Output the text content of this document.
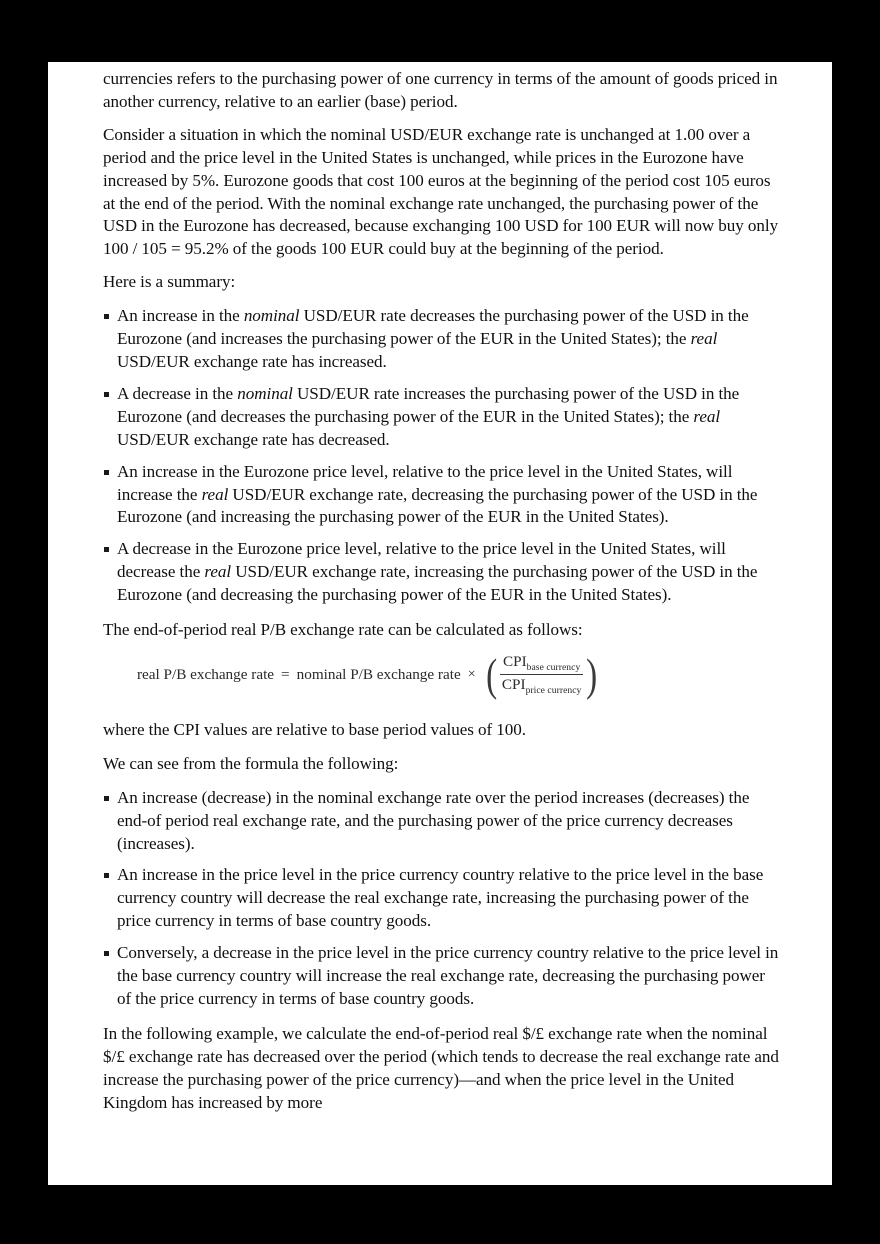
currencies refers to the purchasing power of one currency in terms of the amount of goods priced in another currency, relative to an earlier (base) period.

Consider a situation in which the nominal USD/EUR exchange rate is unchanged at 1.00 over a period and the price level in the United States is unchanged, while prices in the Eurozone have increased by 5%. Eurozone goods that cost 100 euros at the beginning of the period cost 105 euros at the end of the period. With the nominal exchange rate unchanged, the purchasing power of the USD in the Eurozone has decreased, because exchanging 100 USD for 100 EUR will now buy only 100 / 105 = 95.2% of the goods 100 EUR could buy at the beginning of the period.

Here is a summary:

An increase in the nominal USD/EUR rate decreases the purchasing power of the USD in the Eurozone (and increases the purchasing power of the EUR in the United States); the real USD/EUR exchange rate has increased.
A decrease in the nominal USD/EUR rate increases the purchasing power of the USD in the Eurozone (and decreases the purchasing power of the EUR in the United States); the real USD/EUR exchange rate has decreased.
An increase in the Eurozone price level, relative to the price level in the United States, will increase the real USD/EUR exchange rate, decreasing the purchasing power of the USD in the Eurozone (and increasing the purchasing power of the EUR in the United States).
A decrease in the Eurozone price level, relative to the price level in the United States, will decrease the real USD/EUR exchange rate, increasing the purchasing power of the USD in the Eurozone (and decreasing the purchasing power of the EUR in the United States).

The end-of-period real P/B exchange rate can be calculated as follows:

real P/B exchange rate = nominal P/B exchange rate × ( $\frac{CPI_{base currency}}{CPI_{price currency}}$ )

where the CPI values are relative to base period values of 100.

We can see from the formula the following:

An increase (decrease) in the nominal exchange rate over the period increases (decreases) the end-of period real exchange rate, and the purchasing power of the price currency decreases (increases).
An increase in the price level in the price currency country relative to the price level in the base currency country will decrease the real exchange rate, increasing the purchasing power of the price currency in terms of base country goods.
Conversely, a decrease in the price level in the price currency country relative to the price level in the base currency country will increase the real exchange rate, decreasing the purchasing power of the price currency in terms of base country goods.

In the following example, we calculate the end-of-period real $/£ exchange rate when the nominal $/£ exchange rate has decreased over the period (which tends to decrease the real exchange rate and increase the purchasing power of the price currency)—and when the price level in the United Kingdom has increased by more
